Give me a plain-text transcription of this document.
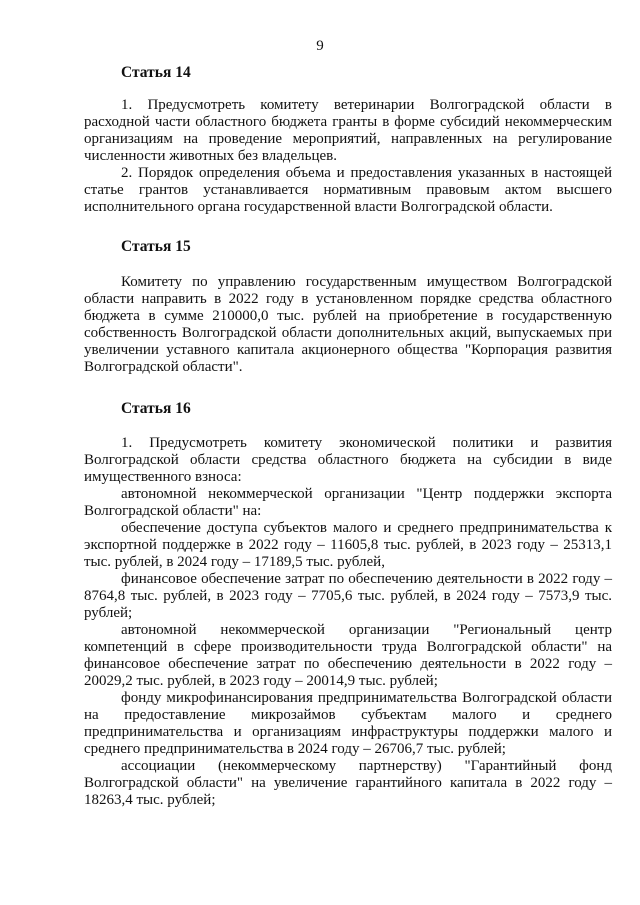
9
Статья 14

1. Предусмотреть комитету ветеринарии Волгоградской области в расходной части областного бюджета гранты в форме субсидий некоммерческим организациям на проведение мероприятий, направленных на регулирование численности животных без владельцев.

2. Порядок определения объема и предоставления указанных в настоящей статье грантов устанавливается нормативным правовым актом высшего исполнительного органа государственной власти Волгоградской области.

Статья 15

Комитету по управлению государственным имуществом Волгоградской области направить в 2022 году в установленном порядке средства областного бюджета в сумме 210000,0 тыс. рублей на приобретение в государственную собственность Волгоградской области дополнительных акций, выпускаемых при увеличении уставного капитала акционерного общества "Корпорация развития Волгоградской области".

Статья 16

1. Предусмотреть комитету экономической политики и развития Волгоградской области средства областного бюджета на субсидии в виде имущественного взноса:

автономной некоммерческой организации "Центр поддержки экспорта Волгоградской области" на:

обеспечение доступа субъектов малого и среднего предпринимательства к экспортной поддержке в 2022 году – 11605,8 тыс. рублей, в 2023 году – 25313,1 тыс. рублей, в 2024 году – 17189,5 тыс. рублей,

финансовое обеспечение затрат по обеспечению деятельности в 2022 году – 8764,8 тыс. рублей, в 2023 году – 7705,6 тыс. рублей, в 2024 году – 7573,9 тыс. рублей;

автономной некоммерческой организации "Региональный центр компетенций в сфере производительности труда Волгоградской области" на финансовое обеспечение затрат по обеспечению деятельности в 2022 году – 20029,2 тыс. рублей, в 2023 году – 20014,9 тыс. рублей;

фонду микрофинансирования предпринимательства Волгоградской области на предоставление микрозаймов субъектам малого и среднего предпринимательства и организациям инфраструктуры поддержки малого и среднего предпринимательства в 2024 году – 26706,7 тыс. рублей;

ассоциации (некоммерческому партнерству) "Гарантийный фонд Волгоградской области" на увеличение гарантийного капитала в 2022 году – 18263,4 тыс. рублей;
